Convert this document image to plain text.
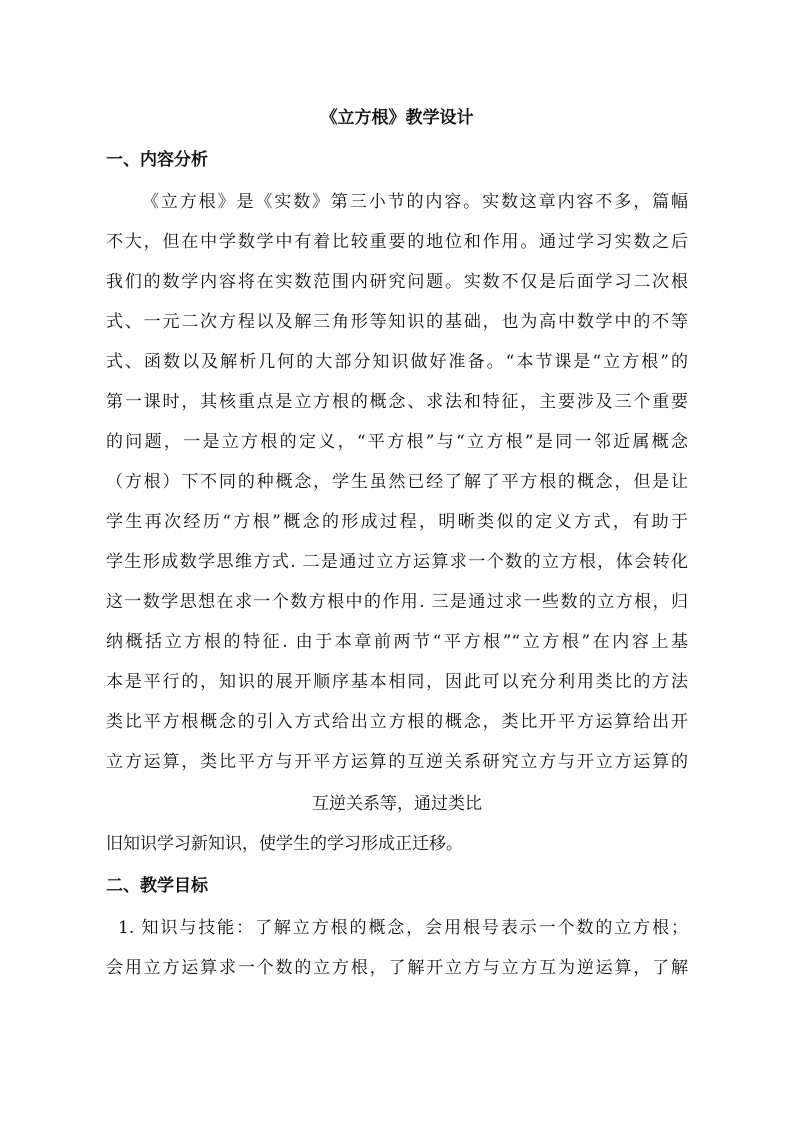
《立方根》教学设计
一、内容分析
《立方根》是《实数》第三小节的内容。实数这章内容不多，篇幅
不大，但在中学数学中有着比较重要的地位和作用。通过学习实数之后
我们的数学内容将在实数范围内研究问题。实数不仅是后面学习二次根
式、一元二次方程以及解三角形等知识的基础，也为高中数学中的不等
式、函数以及解析几何的大部分知识做好准备。“本节课是“立方根”的
第一课时，其核重点是立方根的概念、求法和特征，主要涉及三个重要
的问题，一是立方根的定义，“平方根”与“立方根”是同一邻近属概念
（方根）下不同的种概念，学生虽然已经了解了平方根的概念，但是让
学生再次经历“方根”概念的形成过程，明晰类似的定义方式，有助于
学生形成数学思维方式. 二是通过立方运算求一个数的立方根，体会转化
这一数学思想在求一个数方根中的作用. 三是通过求一些数的立方根，归
纳概括立方根的特征. 由于本章前两节“平方根”“立方根”在内容上基
本是平行的，知识的展开顺序基本相同，因此可以充分利用类比的方法
类比平方根概念的引入方式给出立方根的概念，类比开平方运算给出开
立方运算，类比平方与开平方运算的互逆关系研究立方与开立方运算的
互逆关系等，通过类比
旧知识学习新知识，使学生的学习形成正迁移。
二、教学目标
1. 知识与技能：了解立方根的概念，会用根号表示一个数的立方根；
会用立方运算求一个数的立方根，了解开立方与立方互为逆运算，了解
